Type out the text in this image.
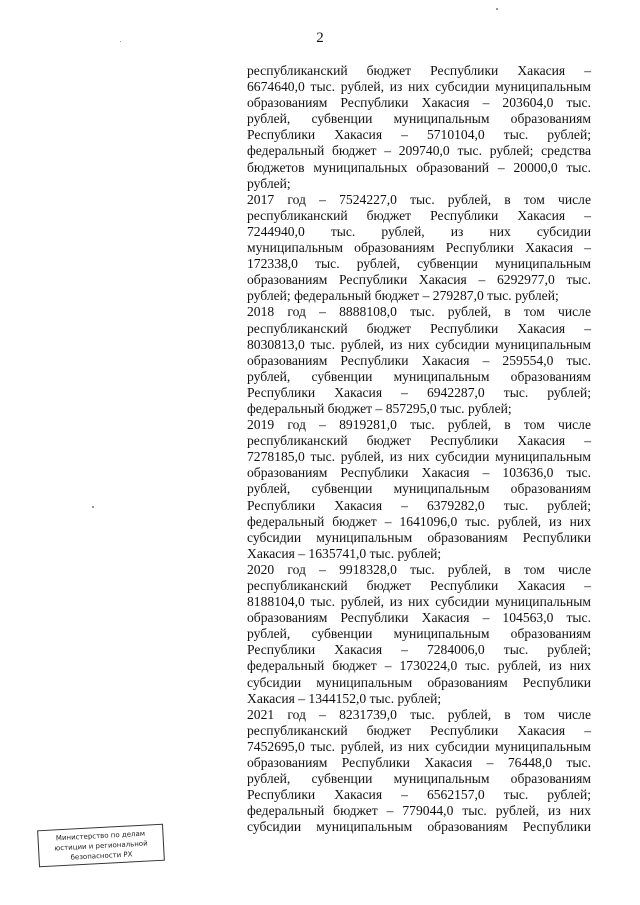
2
республиканский бюджет Республики Хакасия –
6674640,0 тыс. рублей, из них субсидии муниципальным
образованиям Республики Хакасия – 203604,0 тыс.
рублей, субвенции муниципальным образованиям
Республики Хакасия – 5710104,0 тыс. рублей;
федеральный бюджет – 209740,0 тыс. рублей; средства
бюджетов муниципальных образований – 20000,0 тыс.
рублей;
2017 год – 7524227,0 тыс. рублей, в том числе
республиканский бюджет Республики Хакасия –
7244940,0 тыс. рублей, из них субсидии
муниципальным образованиям Республики Хакасия –
172338,0 тыс. рублей, субвенции муниципальным
образованиям Республики Хакасия – 6292977,0 тыс.
рублей; федеральный бюджет – 279287,0 тыс. рублей;
2018 год – 8888108,0 тыс. рублей, в том числе
республиканский бюджет Республики Хакасия –
8030813,0 тыс. рублей, из них субсидии муниципальным
образованиям Республики Хакасия – 259554,0 тыс.
рублей, субвенции муниципальным образованиям
Республики Хакасия – 6942287,0 тыс. рублей;
федеральный бюджет – 857295,0 тыс. рублей;
2019 год – 8919281,0 тыс. рублей, в том числе
республиканский бюджет Республики Хакасия –
7278185,0 тыс. рублей, из них субсидии муниципальным
образованиям Республики Хакасия – 103636,0 тыс.
рублей, субвенции муниципальным образованиям
Республики Хакасия – 6379282,0 тыс. рублей;
федеральный бюджет – 1641096,0 тыс. рублей, из них
субсидии муниципальным образованиям Республики
Хакасия – 1635741,0 тыс. рублей;
2020 год – 9918328,0 тыс. рублей, в том числе
республиканский бюджет Республики Хакасия –
8188104,0 тыс. рублей, из них субсидии муниципальным
образованиям Республики Хакасия – 104563,0 тыс.
рублей, субвенции муниципальным образованиям
Республики Хакасия – 7284006,0 тыс. рублей;
федеральный бюджет – 1730224,0 тыс. рублей, из них
субсидии муниципальным образованиям Республики
Хакасия – 1344152,0 тыс. рублей;
2021 год – 8231739,0 тыс. рублей, в том числе
республиканский бюджет Республики Хакасия –
7452695,0 тыс. рублей, из них субсидии муниципальным
образованиям Республики Хакасия – 76448,0 тыс.
рублей, субвенции муниципальным образованиям
Республики Хакасия – 6562157,0 тыс. рублей;
федеральный бюджет – 779044,0 тыс. рублей, из них
субсидии муниципальным образованиям Республики
Министерство по делам
юстиции и региональной
безопасности РХ
